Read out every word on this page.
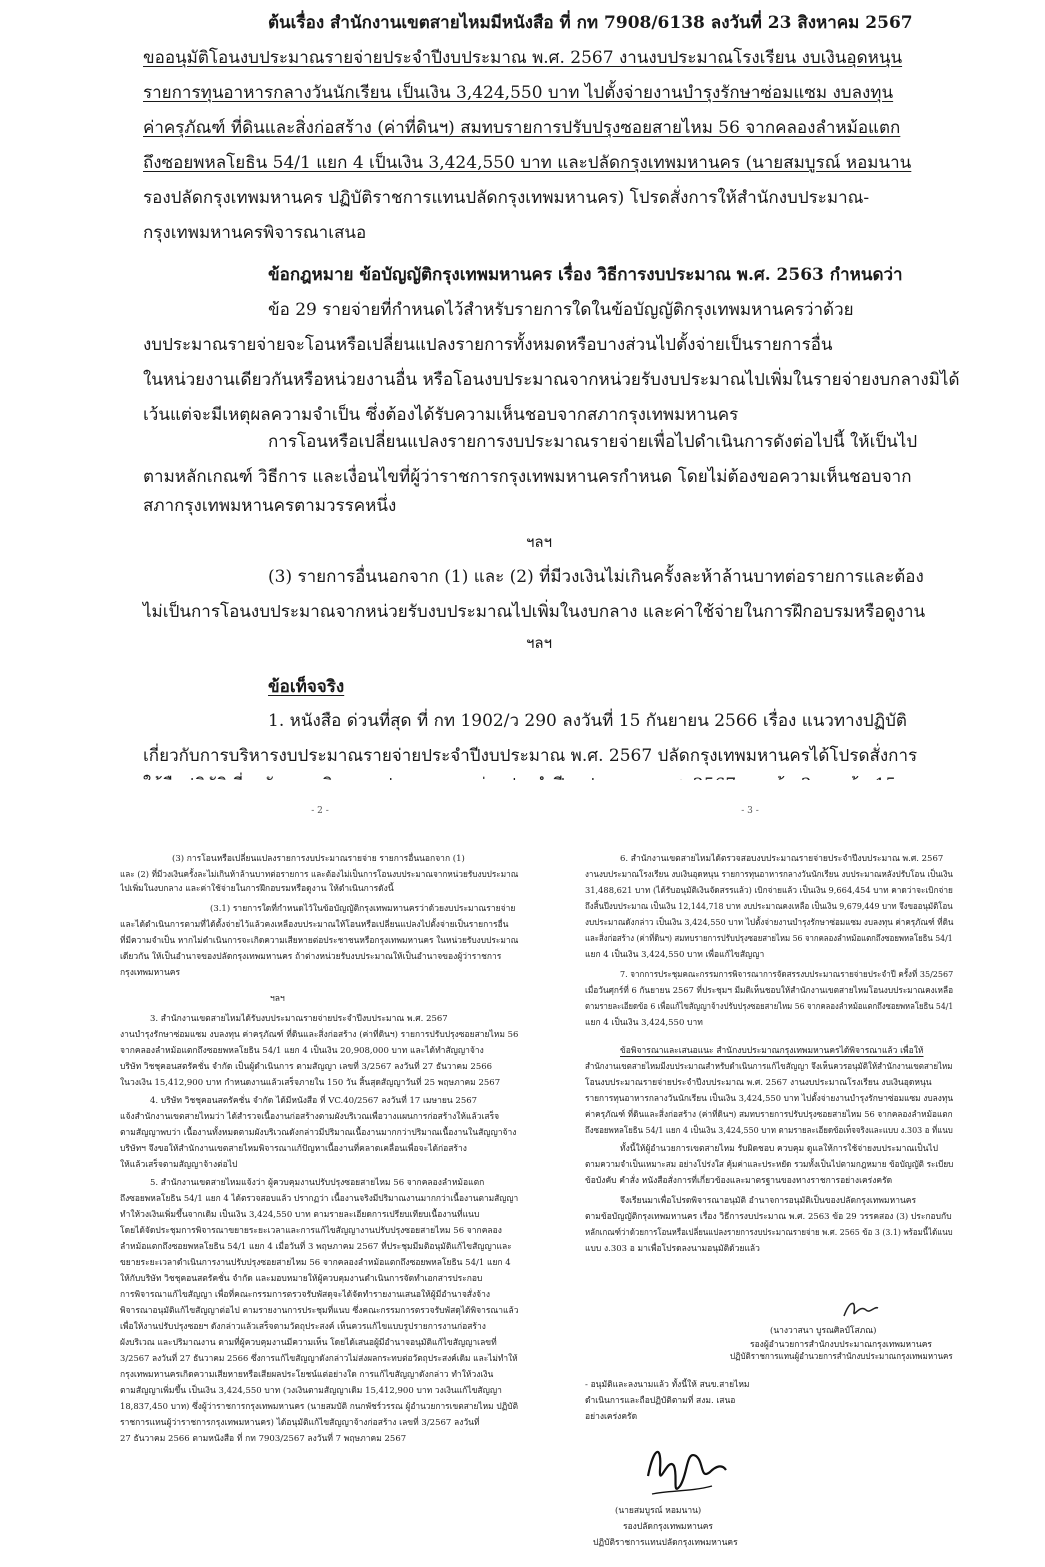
ต้นเรื่อง สำนักงานเขตสายไหมมีหนังสือ ที่ กท 7908/6138 ลงวันที่ 23 สิงหาคม 2567
ขออนุมัติโอนงบประมาณรายจ่ายประจำปีงบประมาณ พ.ศ. 2567 งานงบประมาณโรงเรียน งบเงินอุดหนุน
รายการทุนอาหารกลางวันนักเรียน เป็นเงิน 3,424,550 บาท ไปตั้งจ่ายงานบำรุงรักษาซ่อมแซม งบลงทุน
ค่าครุภัณฑ์ ที่ดินและสิ่งก่อสร้าง (ค่าที่ดินฯ) สมทบรายการปรับปรุงซอยสายไหม 56 จากคลองลำหม้อแตก
ถึงซอยพหลโยธิน 54/1 แยก 4 เป็นเงิน 3,424,550 บาท และปลัดกรุงเทพมหานคร (นายสมบูรณ์ หอมนาน
รองปลัดกรุงเทพมหานคร ปฏิบัติราชการแทนปลัดกรุงเทพมหานคร) โปรดสั่งการให้สำนักงบประมาณ-
กรุงเทพมหานครพิจารณาเสนอ
ข้อกฎหมาย ข้อบัญญัติกรุงเทพมหานคร เรื่อง วิธีการงบประมาณ พ.ศ. 2563 กำหนดว่า
ข้อ 29 รายจ่ายที่กำหนดไว้สำหรับรายการใดในข้อบัญญัติกรุงเทพมหานครว่าด้วย
งบประมาณรายจ่ายจะโอนหรือเปลี่ยนแปลงรายการทั้งหมดหรือบางส่วนไปตั้งจ่ายเป็นรายการอื่น
ในหน่วยงานเดียวกันหรือหน่วยงานอื่น หรือโอนงบประมาณจากหน่วยรับงบประมาณไปเพิ่มในรายจ่ายงบกลางมิได้
เว้นแต่จะมีเหตุผลความจำเป็น ซึ่งต้องได้รับความเห็นชอบจากสภากรุงเทพมหานคร
การโอนหรือเปลี่ยนแปลงรายการงบประมาณรายจ่ายเพื่อไปดำเนินการดังต่อไปนี้ ให้เป็นไป
ตามหลักเกณฑ์ วิธีการ และเงื่อนไขที่ผู้ว่าราชการกรุงเทพมหานครกำหนด โดยไม่ต้องขอความเห็นชอบจาก
สภากรุงเทพมหานครตามวรรคหนึ่ง
ฯลฯ
(3) รายการอื่นนอกจาก (1) และ (2) ที่มีวงเงินไม่เกินครั้งละห้าล้านบาทต่อรายการและต้อง
ไม่เป็นการโอนงบประมาณจากหน่วยรับงบประมาณไปเพิ่มในงบกลาง และค่าใช้จ่ายในการฝึกอบรมหรือดูงาน
ฯลฯ
ข้อเท็จจริง
1. หนังสือ ด่วนที่สุด ที่ กท 1902/ว 290 ลงวันที่ 15 กันยายน 2566 เรื่อง แนวทางปฏิบัติ
เกี่ยวกับการบริหารงบประมาณรายจ่ายประจำปีงบประมาณ พ.ศ. 2567 ปลัดกรุงเทพมหานครได้โปรดสั่งการ
- 2 -
(3) การโอนหรือเปลี่ยนแปลงรายการงบประมาณรายจ่าย รายการอื่นนอกจาก (1)
และ (2) ที่มีวงเงินครั้งละไม่เกินห้าล้านบาทต่อรายการ และต้องไม่เป็นการโอนงบประมาณจากหน่วยรับงบประมาณ
ไปเพิ่มในงบกลาง และค่าใช้จ่ายในการฝึกอบรมหรือดูงาน ให้ดำเนินการดังนี้
(3.1) รายการใดที่กำหนดไว้ในข้อบัญญัติกรุงเทพมหานครว่าด้วยงบประมาณรายจ่าย
และได้ดำเนินการตามที่ได้ตั้งจ่ายไว้แล้วคงเหลืองบประมาณให้โอนหรือเปลี่ยนแปลงไปตั้งจ่ายเป็นรายการอื่น
ที่มีความจำเป็น หากไม่ดำเนินการจะเกิดความเสียหายต่อประชาชนหรือกรุงเทพมหานคร ในหน่วยรับงบประมาณ
เดียวกัน ให้เป็นอำนาจของปลัดกรุงเทพมหานคร ถ้าต่างหน่วยรับงบประมาณให้เป็นอำนาจของผู้ว่าราชการ
กรุงเทพมหานคร
ฯลฯ
3. สำนักงานเขตสายไหมได้รับงบประมาณรายจ่ายประจำปีงบประมาณ พ.ศ. 2567
งานบำรุงรักษาซ่อมแซม งบลงทุน ค่าครุภัณฑ์ ที่ดินและสิ่งก่อสร้าง (ค่าที่ดินฯ) รายการปรับปรุงซอยสายไหม 56
จากคลองลำหม้อแตกถึงซอยพหลโยธิน 54/1 แยก 4 เป็นเงิน 20,908,000 บาท และได้ทำสัญญาจ้าง
บริษัท วิชชุคอนสตรัคชั่น จำกัด เป็นผู้ดำเนินการ ตามสัญญา เลขที่ 3/2567 ลงวันที่ 27 ธันวาคม 2566
ในวงเงิน 15,412,900 บาท กำหนดงานแล้วเสร็จภายใน 150 วัน สิ้นสุดสัญญาวันที่ 25 พฤษภาคม 2567
4. บริษัท วิชชุคอนสตรัคชั่น จำกัด ได้มีหนังสือ ที่ VC.40/2567 ลงวันที่ 17 เมษายน 2567
แจ้งสำนักงานเขตสายไหมว่า ได้สำรวจเนื้องานก่อสร้างตามผังบริเวณเพื่อวางแผนการก่อสร้างให้แล้วเสร็จ
ตามสัญญาพบว่า เนื้องานทั้งหมดตามผังบริเวณดังกล่าวมีปริมาณเนื้องานมากกว่าปริมาณเนื้องานในสัญญาจ้าง
บริษัทฯ จึงขอให้สำนักงานเขตสายไหมพิจารณาแก้ปัญหาเนื้องานที่คลาดเคลื่อนเพื่อจะได้ก่อสร้าง
ให้แล้วเสร็จตามสัญญาจ้างต่อไป
5. สำนักงานเขตสายไหมแจ้งว่า ผู้ควบคุมงานปรับปรุงซอยสายไหม 56 จากคลองลำหม้อแตก
ถึงซอยพหลโยธิน 54/1 แยก 4 ได้ตรวจสอบแล้ว ปรากฏว่า เนื้องานจริงมีปริมาณงานมากกว่าเนื้องานตามสัญญา
ทำให้วงเงินเพิ่มขึ้นจากเดิม เป็นเงิน 3,424,550 บาท ตามรายละเอียดการเปรียบเทียบเนื้องานที่แนบ
โดยได้จัดประชุมการพิจารณาขยายระยะเวลาและการแก้ไขสัญญางานปรับปรุงซอยสายไหม 56 จากคลอง
ลำหม้อแตกถึงซอยพหลโยธิน 54/1 แยก 4 เมื่อวันที่ 3 พฤษภาคม 2567 ที่ประชุมมีมติอนุมัติแก้ไขสัญญาและ
ขยายระยะเวลาดำเนินการงานปรับปรุงซอยสายไหม 56 จากคลองลำหม้อแตกถึงซอยพหลโยธิน 54/1 แยก 4
ให้กับบริษัท วิชชุคอนสตรัคชั่น จำกัด และมอบหมายให้ผู้ควบคุมงานดำเนินการจัดทำเอกสารประกอบ
การพิจารณาแก้ไขสัญญา เพื่อที่คณะกรรมการตรวจรับพัสดุจะได้จัดทำรายงานเสนอให้ผู้มีอำนาจสั่งจ้าง
พิจารณาอนุมัติแก้ไขสัญญาต่อไป ตามรายงานการประชุมที่แนบ ซึ่งคณะกรรมการตรวจรับพัสดุได้พิจารณาแล้ว
เพื่อให้งานปรับปรุงซอยฯ ดังกล่าวแล้วเสร็จตามวัตถุประสงค์ เห็นควรแก้ไขแบบรูปรายการงานก่อสร้าง
ผังบริเวณ และปริมาณงาน ตามที่ผู้ควบคุมงานมีความเห็น โดยได้เสนอผู้มีอำนาจอนุมัติแก้ไขสัญญาเลขที่
3/2567 ลงวันที่ 27 ธันวาคม 2566 ซึ่งการแก้ไขสัญญาดังกล่าวไม่ส่งผลกระทบต่อวัตถุประสงค์เดิม และไม่ทำให้
กรุงเทพมหานครเกิดความเสียหายหรือเสียผลประโยชน์แต่อย่างใด การแก้ไขสัญญาดังกล่าว ทำให้วงเงิน
ตามสัญญาเพิ่มขึ้น เป็นเงิน 3,424,550 บาท (วงเงินตามสัญญาเดิม 15,412,900 บาท วงเงินแก้ไขสัญญา
18,837,450 บาท) ซึ่งผู้ว่าราชการกรุงเทพมหานคร (นายสมบัติ กนกพัชร์วรรณ ผู้อำนวยการเขตสายไหม ปฏิบัติ
ราชการแทนผู้ว่าราชการกรุงเทพมหานคร) ได้อนุมัติแก้ไขสัญญาจ้างก่อสร้าง เลขที่ 3/2567 ลงวันที่
27 ธันวาคม 2566 ตามหนังสือ ที่ กท 7903/2567 ลงวันที่ 7 พฤษภาคม 2567
- 3 -
6. สำนักงานเขตสายไหมได้ตรวจสอบงบประมาณรายจ่ายประจำปีงบประมาณ พ.ศ. 2567
งานงบประมาณโรงเรียน งบเงินอุดหนุน รายการทุนอาหารกลางวันนักเรียน งบประมาณหลังปรับโอน เป็นเงิน
31,488,621 บาท (ได้รับอนุมัติเงินจัดสรรแล้ว) เบิกจ่ายแล้ว เป็นเงิน 9,664,454 บาท คาดว่าจะเบิกจ่าย
ถึงสิ้นปีงบประมาณ เป็นเงิน 12,144,718 บาท งบประมาณคงเหลือ เป็นเงิน 9,679,449 บาท จึงขออนุมัติโอน
งบประมาณดังกล่าว เป็นเงิน 3,424,550 บาท ไปตั้งจ่ายงานบำรุงรักษาซ่อมแซม งบลงทุน ค่าครุภัณฑ์ ที่ดิน
และสิ่งก่อสร้าง (ค่าที่ดินฯ) สมทบรายการปรับปรุงซอยสายไหม 56 จากคลองลำหม้อแตกถึงซอยพหลโยธิน 54/1
แยก 4 เป็นเงิน 3,424,550 บาท เพื่อแก้ไขสัญญา
7. จากการประชุมคณะกรรมการพิจารณาการจัดสรรงบประมาณรายจ่ายประจำปี ครั้งที่ 35/2567
เมื่อวันศุกร์ที่ 6 กันยายน 2567 ที่ประชุมฯ มีมติเห็นชอบให้สำนักงานเขตสายไหมโอนงบประมาณคงเหลือ
ตามรายละเอียดข้อ 6 เพื่อแก้ไขสัญญาจ้างปรับปรุงซอยสายไหม 56 จากคลองลำหม้อแตกถึงซอยพหลโยธิน 54/1
แยก 4 เป็นเงิน 3,424,550 บาท
ข้อพิจารณาและเสนอแนะ สำนักงบประมาณกรุงเทพมหานครได้พิจารณาแล้ว เพื่อให้
สำนักงานเขตสายไหมมีงบประมาณสำหรับดำเนินการแก้ไขสัญญา จึงเห็นควรอนุมัติให้สำนักงานเขตสายไหม
โอนงบประมาณรายจ่ายประจำปีงบประมาณ พ.ศ. 2567 งานงบประมาณโรงเรียน งบเงินอุดหนุน
รายการทุนอาหารกลางวันนักเรียน เป็นเงิน 3,424,550 บาท ไปตั้งจ่ายงานบำรุงรักษาซ่อมแซม งบลงทุน
ค่าครุภัณฑ์ ที่ดินและสิ่งก่อสร้าง (ค่าที่ดินฯ) สมทบรายการปรับปรุงซอยสายไหม 56 จากคลองลำหม้อแตก
ถึงซอยพหลโยธิน 54/1 แยก 4 เป็นเงิน 3,424,550 บาท ตามรายละเอียดข้อเท็จจริงและแบบ ง.303 อ ที่แนบ
ทั้งนี้ให้ผู้อำนวยการเขตสายไหม รับผิดชอบ ควบคุม ดูแลให้การใช้จ่ายงบประมาณเป็นไป
ตามความจำเป็นเหมาะสม อย่างโปร่งใส คุ้มค่าและประหยัด รวมทั้งเป็นไปตามกฎหมาย ข้อบัญญัติ ระเบียบ
ข้อบังคับ คำสั่ง หนังสือสั่งการที่เกี่ยวข้องและมาตรฐานของทางราชการอย่างเคร่งครัด
จึงเรียนมาเพื่อโปรดพิจารณาอนุมัติ อำนาจการอนุมัติเป็นของปลัดกรุงเทพมหานคร
ตามข้อบัญญัติกรุงเทพมหานคร เรื่อง วิธีการงบประมาณ พ.ศ. 2563 ข้อ 29 วรรคสอง (3) ประกอบกับ
หลักเกณฑ์ว่าด้วยการโอนหรือเปลี่ยนแปลงรายการงบประมาณรายจ่าย พ.ศ. 2565 ข้อ 3 (3.1) พร้อมนี้ได้แนบ
แบบ ง.303 อ มาเพื่อโปรดลงนามอนุมัติด้วยแล้ว
(นางวาสนา บูรณศิลป์โสภณ)
รองผู้อำนวยการสำนักงบประมาณกรุงเทพมหานคร
ปฏิบัติราชการแทนผู้อำนวยการสำนักงบประมาณกรุงเทพมหานคร
- อนุมัติและลงนามแล้ว ทั้งนี้ให้ สนข.สายไหม
ดำเนินการและถือปฏิบัติตามที่ สงม. เสนอ
อย่างเคร่งครัด
(นายสมบูรณ์ หอมนาน)
รองปลัดกรุงเทพมหานคร
ปฏิบัติราชการแทนปลัดกรุงเทพมหานคร
